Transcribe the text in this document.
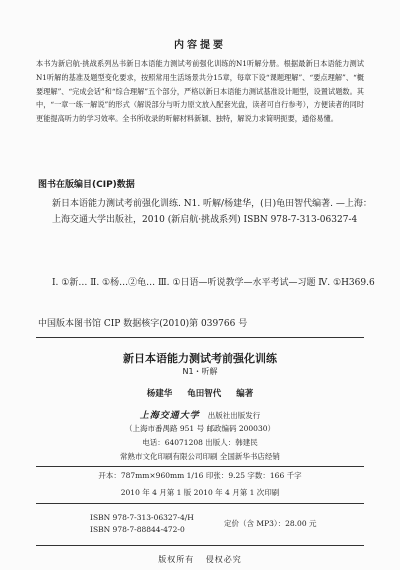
内容提要
本书为新启航·挑战系列丛书新日本语能力测试考前强化训练的N1听解分册。根据最新日本语能力测试N1听解的基准及题型变化要求，按照常用生活场景共分15章，每章下设“课题理解”、“要点理解”、“概要理解”、“完成会话”和“综合理解”五个部分，严格以新日本语能力测试基准设计题型，设置试题数。其中，“一章一练一解说”的形式（解说部分与听力原文放入配套光盘，读者可自行参考），方便读者的同时更能提高听力的学习效率。全书所收录的听解材料新颖、独特，解说力求简明扼要，通俗易懂。
图书在版编目(CIP)数据
新日本语能力测试考前强化训练. N1. 听解/杨建华，(日)龟田智代编著. —上海：上海交通大学出版社，2010 (新启航·挑战系列) ISBN 978-7-313-06327-4
Ⅰ. ①新… Ⅱ. ①杨…②龟… Ⅲ. ①日语—听说教学—水平考试—习题 Ⅳ. ①H369.6
中国版本图书馆 CIP 数据核字(2010)第 039766 号
新日本语能力测试考前强化训练
N1・听解
杨建华 龟田智代 编著
上海交通大学 出版社出版发行
（上海市番禺路 951 号 邮政编码 200030）
电话：64071208 出版人：韩建民
常熟市文化印刷有限公司印刷 全国新华书店经销
开本：787mm×960mm 1/16 印张：9.25 字数：166 千字
2010 年 4 月第 1 版 2010 年 4 月第 1 次印刷
ISBN 978-7-313-06327-4/H
ISBN 978-7-88844-472-0
定价（含 MP3）：28.00 元
版权所有 侵权必究
